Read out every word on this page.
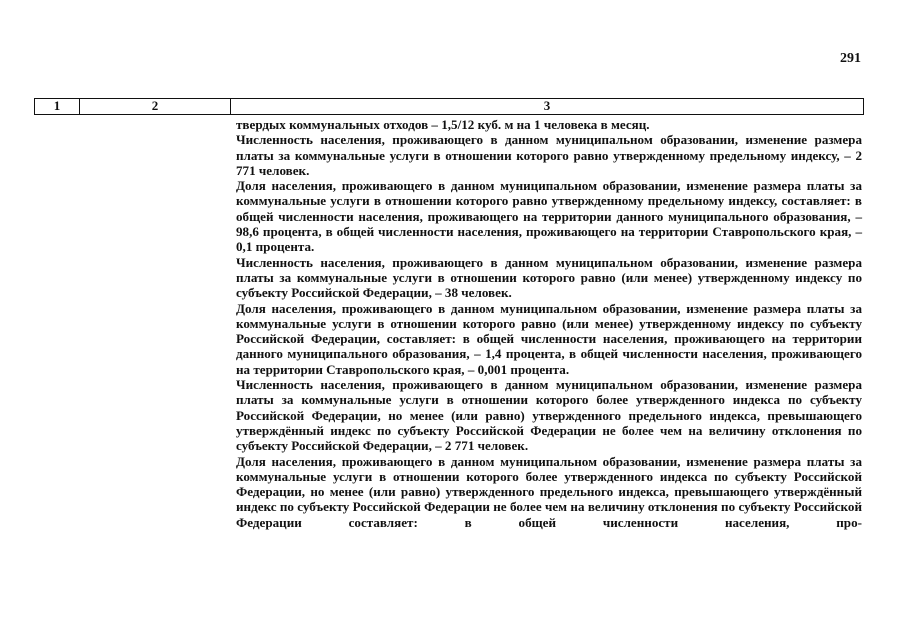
291
1	2	3

твердых коммунальных отходов – 1,5/12 куб. м на 1 человека в месяц.

Численность населения, проживающего в данном муниципальном образовании, изменение размера платы за коммунальные услуги в отношении которого равно утвержденному предельному индексу, – 2 771 человек.

Доля населения, проживающего в данном муниципальном образовании, изменение размера платы за коммунальные услуги в отношении которого равно утвержденному предельному индексу, составляет: в общей численности населения, проживающего на территории данного муниципального образования, – 98,6 процента, в общей численности населения, проживающего на территории Ставропольского края, – 0,1 процента.

Численность населения, проживающего в данном муниципальном образовании, изменение размера платы за коммунальные услуги в отношении которого равно (или менее) утвержденному индексу по субъекту Российской Федерации, – 38 человек.

Доля населения, проживающего в данном муниципальном образовании, изменение размера платы за коммунальные услуги в отношении которого равно (или менее) утвержденному индексу по субъекту Российской Федерации, составляет: в общей численности населения, проживающего на территории данного муниципального образования, – 1,4 процента, в общей численности населения, проживающего на территории Ставропольского края, – 0,001 процента.

Численность населения, проживающего в данном муниципальном образовании, изменение размера платы за коммунальные услуги в отношении которого более утвержденного индекса по субъекту Российской Федерации, но менее (или равно) утвержденного предельного индекса, превышающего утверждённый индекс по субъекту Российской Федерации не более чем на величину отклонения по субъекту Российской Федерации, – 2 771 человек.

Доля населения, проживающего в данном муниципальном образовании, изменение размера платы за коммунальные услуги в отношении которого более утвержденного индекса по субъекту Российской Федерации, но менее (или равно) утвержденного предельного индекса, превышающего утверждённый индекс по субъекту Российской Федерации не более чем на величину отклонения по субъекту Российской Федерации составляет: в общей численности населения, про-
